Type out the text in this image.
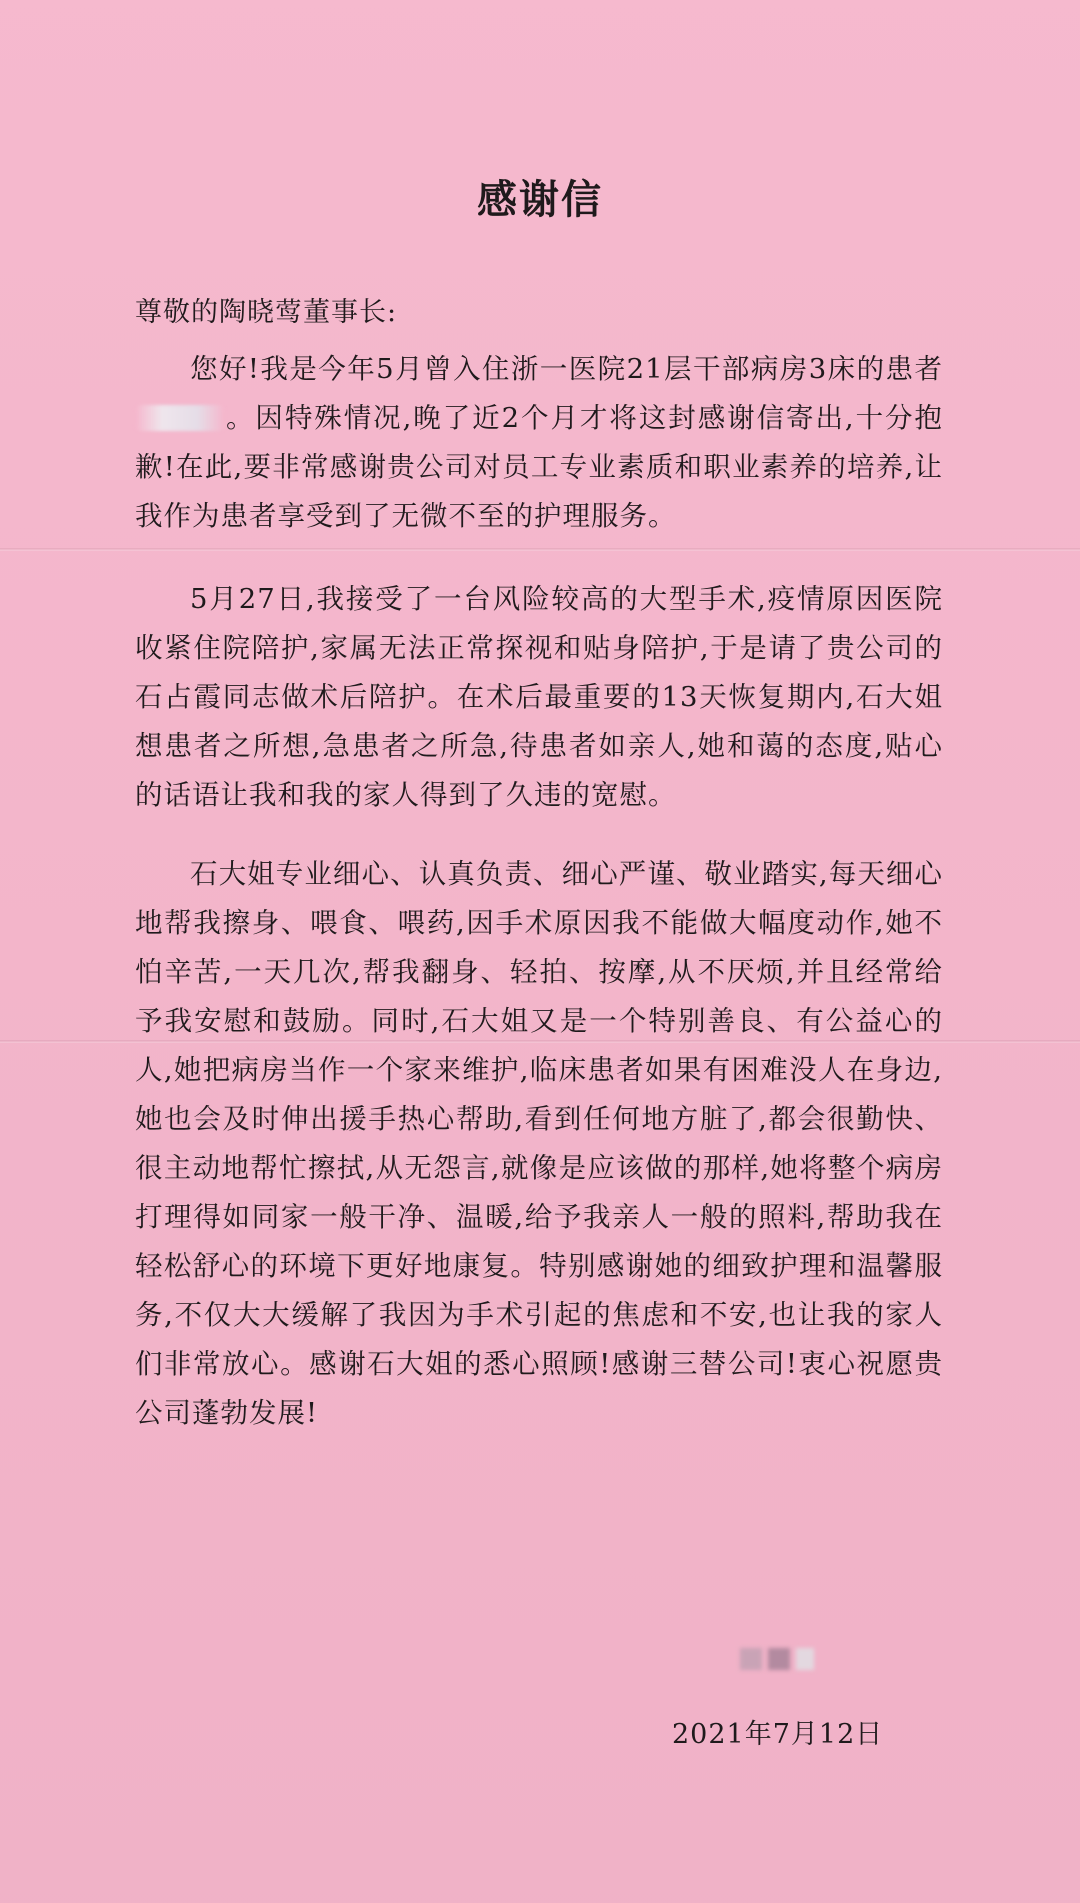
感谢信
尊敬的陶晓莺董事长:
您好!我是今年5月曾入住浙一医院21层干部病房3床的患者。因特殊情况,晚了近2个月才将这封感谢信寄出,十分抱歉!在此,要非常感谢贵公司对员工专业素质和职业素养的培养,让我作为患者享受到了无微不至的护理服务。
5月27日,我接受了一台风险较高的大型手术,疫情原因医院收紧住院陪护,家属无法正常探视和贴身陪护,于是请了贵公司的石占霞同志做术后陪护。在术后最重要的13天恢复期内,石大姐想患者之所想,急患者之所急,待患者如亲人,她和蔼的态度,贴心的话语让我和我的家人得到了久违的宽慰。
石大姐专业细心、认真负责、细心严谨、敬业踏实,每天细心地帮我擦身、喂食、喂药,因手术原因我不能做大幅度动作,她不怕辛苦,一天几次,帮我翻身、轻拍、按摩,从不厌烦,并且经常给予我安慰和鼓励。同时,石大姐又是一个特别善良、有公益心的人,她把病房当作一个家来维护,临床患者如果有困难没人在身边,她也会及时伸出援手热心帮助,看到任何地方脏了,都会很勤快、很主动地帮忙擦拭,从无怨言,就像是应该做的那样,她将整个病房打理得如同家一般干净、温暖,给予我亲人一般的照料,帮助我在轻松舒心的环境下更好地康复。特别感谢她的细致护理和温馨服务,不仅大大缓解了我因为手术引起的焦虑和不安,也让我的家人们非常放心。感谢石大姐的悉心照顾!感谢三替公司!衷心祝愿贵公司蓬勃发展!
2021年7月12日
